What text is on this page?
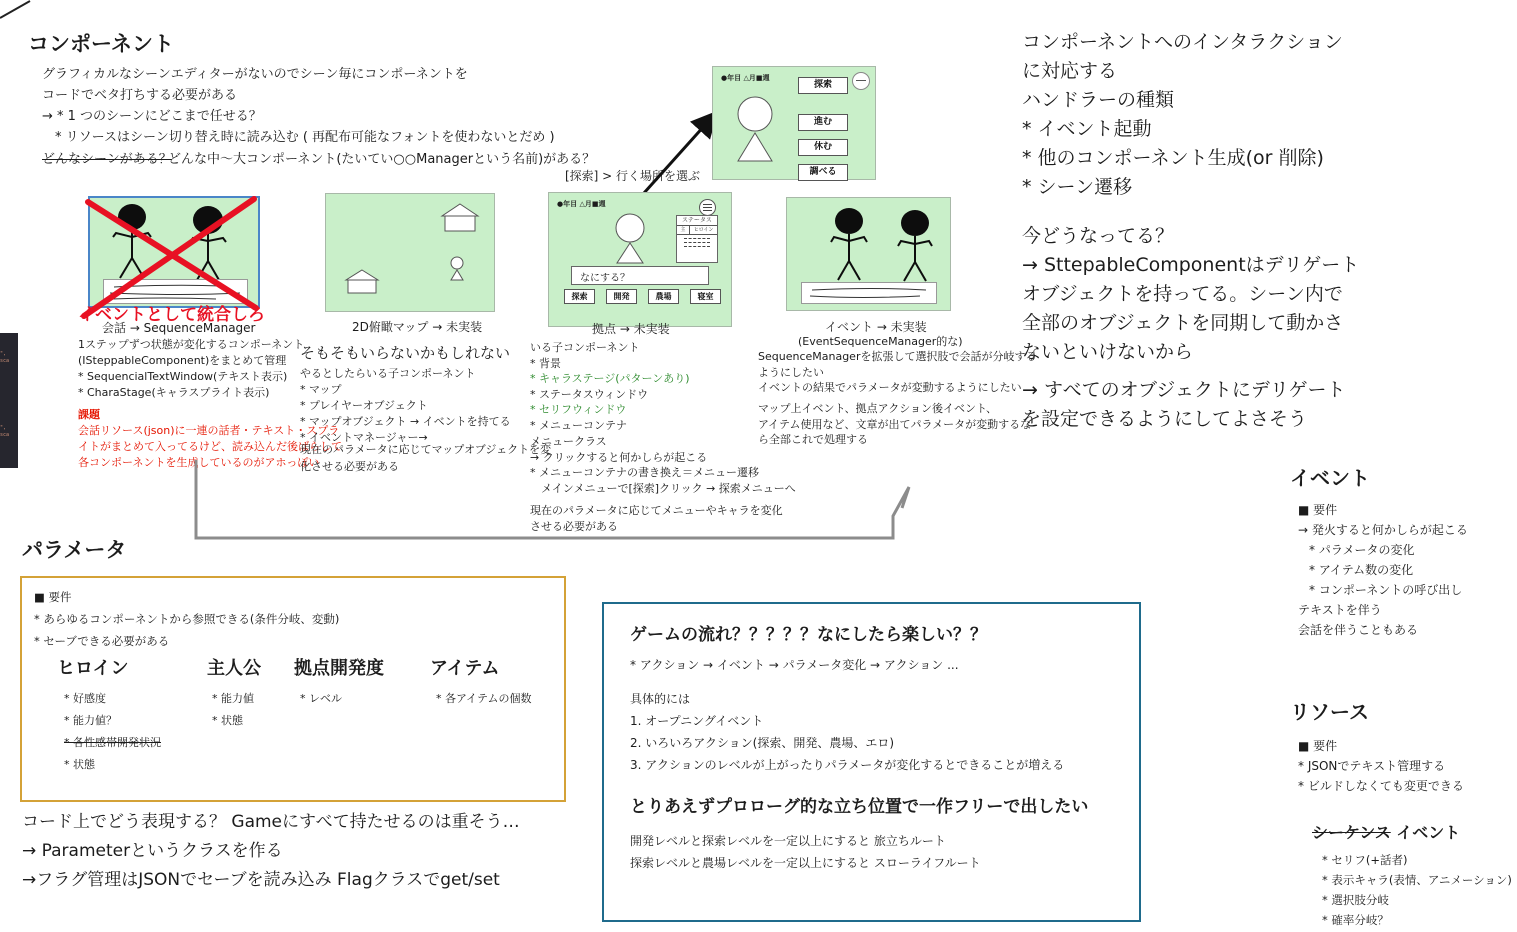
", sca
", sca
コンポーネント
グラフィカルなシーンエディターがないのでシーン毎にコンポーネントを
コードでベタ打ちする必要がある
→ * 1 つのシーンにどこまで任せる？
　* リソースはシーン切り替え時に読み込む ( 再配布可能なフォントを使わないとだめ )
どんなシーンがある？
どんな中～大コンポーネント(たいてい○○Managerという名前)がある？
イベントとして統合しろ
会話 → SequenceManager
1ステップずつ状態が変化するコンポーネント
(ISteppableComponent)をまとめて管理
* SequencialTextWindow(テキスト表示)
* CharaStage(キャラスプライト表示)
課題
会話リソース(json)に一連の話者・テキスト・スプラ
イトがまとめて入ってるけど、読み込んだ後ばらして
各コンポーネントを生成しているのがアホっぽい
2D俯瞰マップ → 未実装
そもそもいらないかもしれない
やるとしたらいる子コンポーネント
* マップ
* プレイヤーオブジェクト
* マップオブジェクト → イベントを持てる
* イベントマネージャー→
現在のパラメータに応じてマップオブジェクトを変
化させる必要がある
[探索] > 行く場所を選ぶ
●年目 △月■週
ステータス
主	ヒロイン
なにする？
探索	開発	農場	寝室
拠点 → 未実装
いる子コンポーネント
* 背景
* キャラステージ(パターンあり)
* ステータスウィンドウ
* セリフウィンドウ
* メニューコンテナ
メニュークラス
→ クリックすると何かしらが起こる
* メニューコンテナの書き換え＝メニュー遷移
　メインメニューで[探索]クリック → 探索メニューへ
現在のパラメータに応じてメニューやキャラを変化
させる必要がある
●年目 △月■週
探索
進む
休む
調べる
イベント → 未実装
(EventSequenceManager的な)
SequenceManagerを拡張して選択肢で会話が分岐する
ようにしたい
イベントの結果でパラメータが変動するようにしたい
マップ上イベント、拠点アクション後イベント、
アイテム使用など、文章が出てパラメータが変動するな
ら全部これで処理する
コンポーネントへのインタラクション
に対応する
ハンドラーの種類
* イベント起動
* 他のコンポーネント生成(or 削除)
* シーン遷移
今どうなってる？
→ SttepableComponentはデリゲート
オブジェクトを持ってる。シーン内で
全部のオブジェクトを同期して動かさ
ないといけないから
→ すべてのオブジェクトにデリゲート
を設定できるようにしてよさそう
イベント
■ 要件
→ 発火すると何かしらが起こる
* パラメータの変化
* アイテム数の変化
* コンポーネントの呼び出し
テキストを伴う
会話を伴うこともある
リソース
■ 要件
* JSONでテキスト管理する
* ビルドしなくても変更できる
シーケンス イベント
* セリフ(+話者)
* 表示キャラ(表情、アニメーション)
* 選択肢分岐
* 確率分岐？
パラメータ
■ 要件
* あらゆるコンポーネントから参照できる(条件分岐、変動)
* セーブできる必要がある
ヒロイン
* 好感度
* 能力値？
* 各性感帯開発状況
* 状態
主人公
* 能力値
* 状態
拠点開発度
* レベル
アイテム
* 各アイテムの個数
コード上でどう表現する？ Gameにすべて持たせるのは重そう…
→ Parameterというクラスを作る
→フラグ管理はJSONでセーブを読み込み Flagクラスでget/set
ゲームの流れ？？？？？なにしたら楽しい？？
* アクション → イベント → パラメータ変化 → アクション ...
具体的には
1. オープニングイベント
2. いろいろアクション(探索、開発、農場、エロ)
3. アクションのレベルが上がったりパラメータが変化するとできることが増える
とりあえずプロローグ的な立ち位置で一作フリーで出したい
開発レベルと探索レベルを一定以上にすると 旅立ちルート
探索レベルと農場レベルを一定以上にすると スローライフルート
